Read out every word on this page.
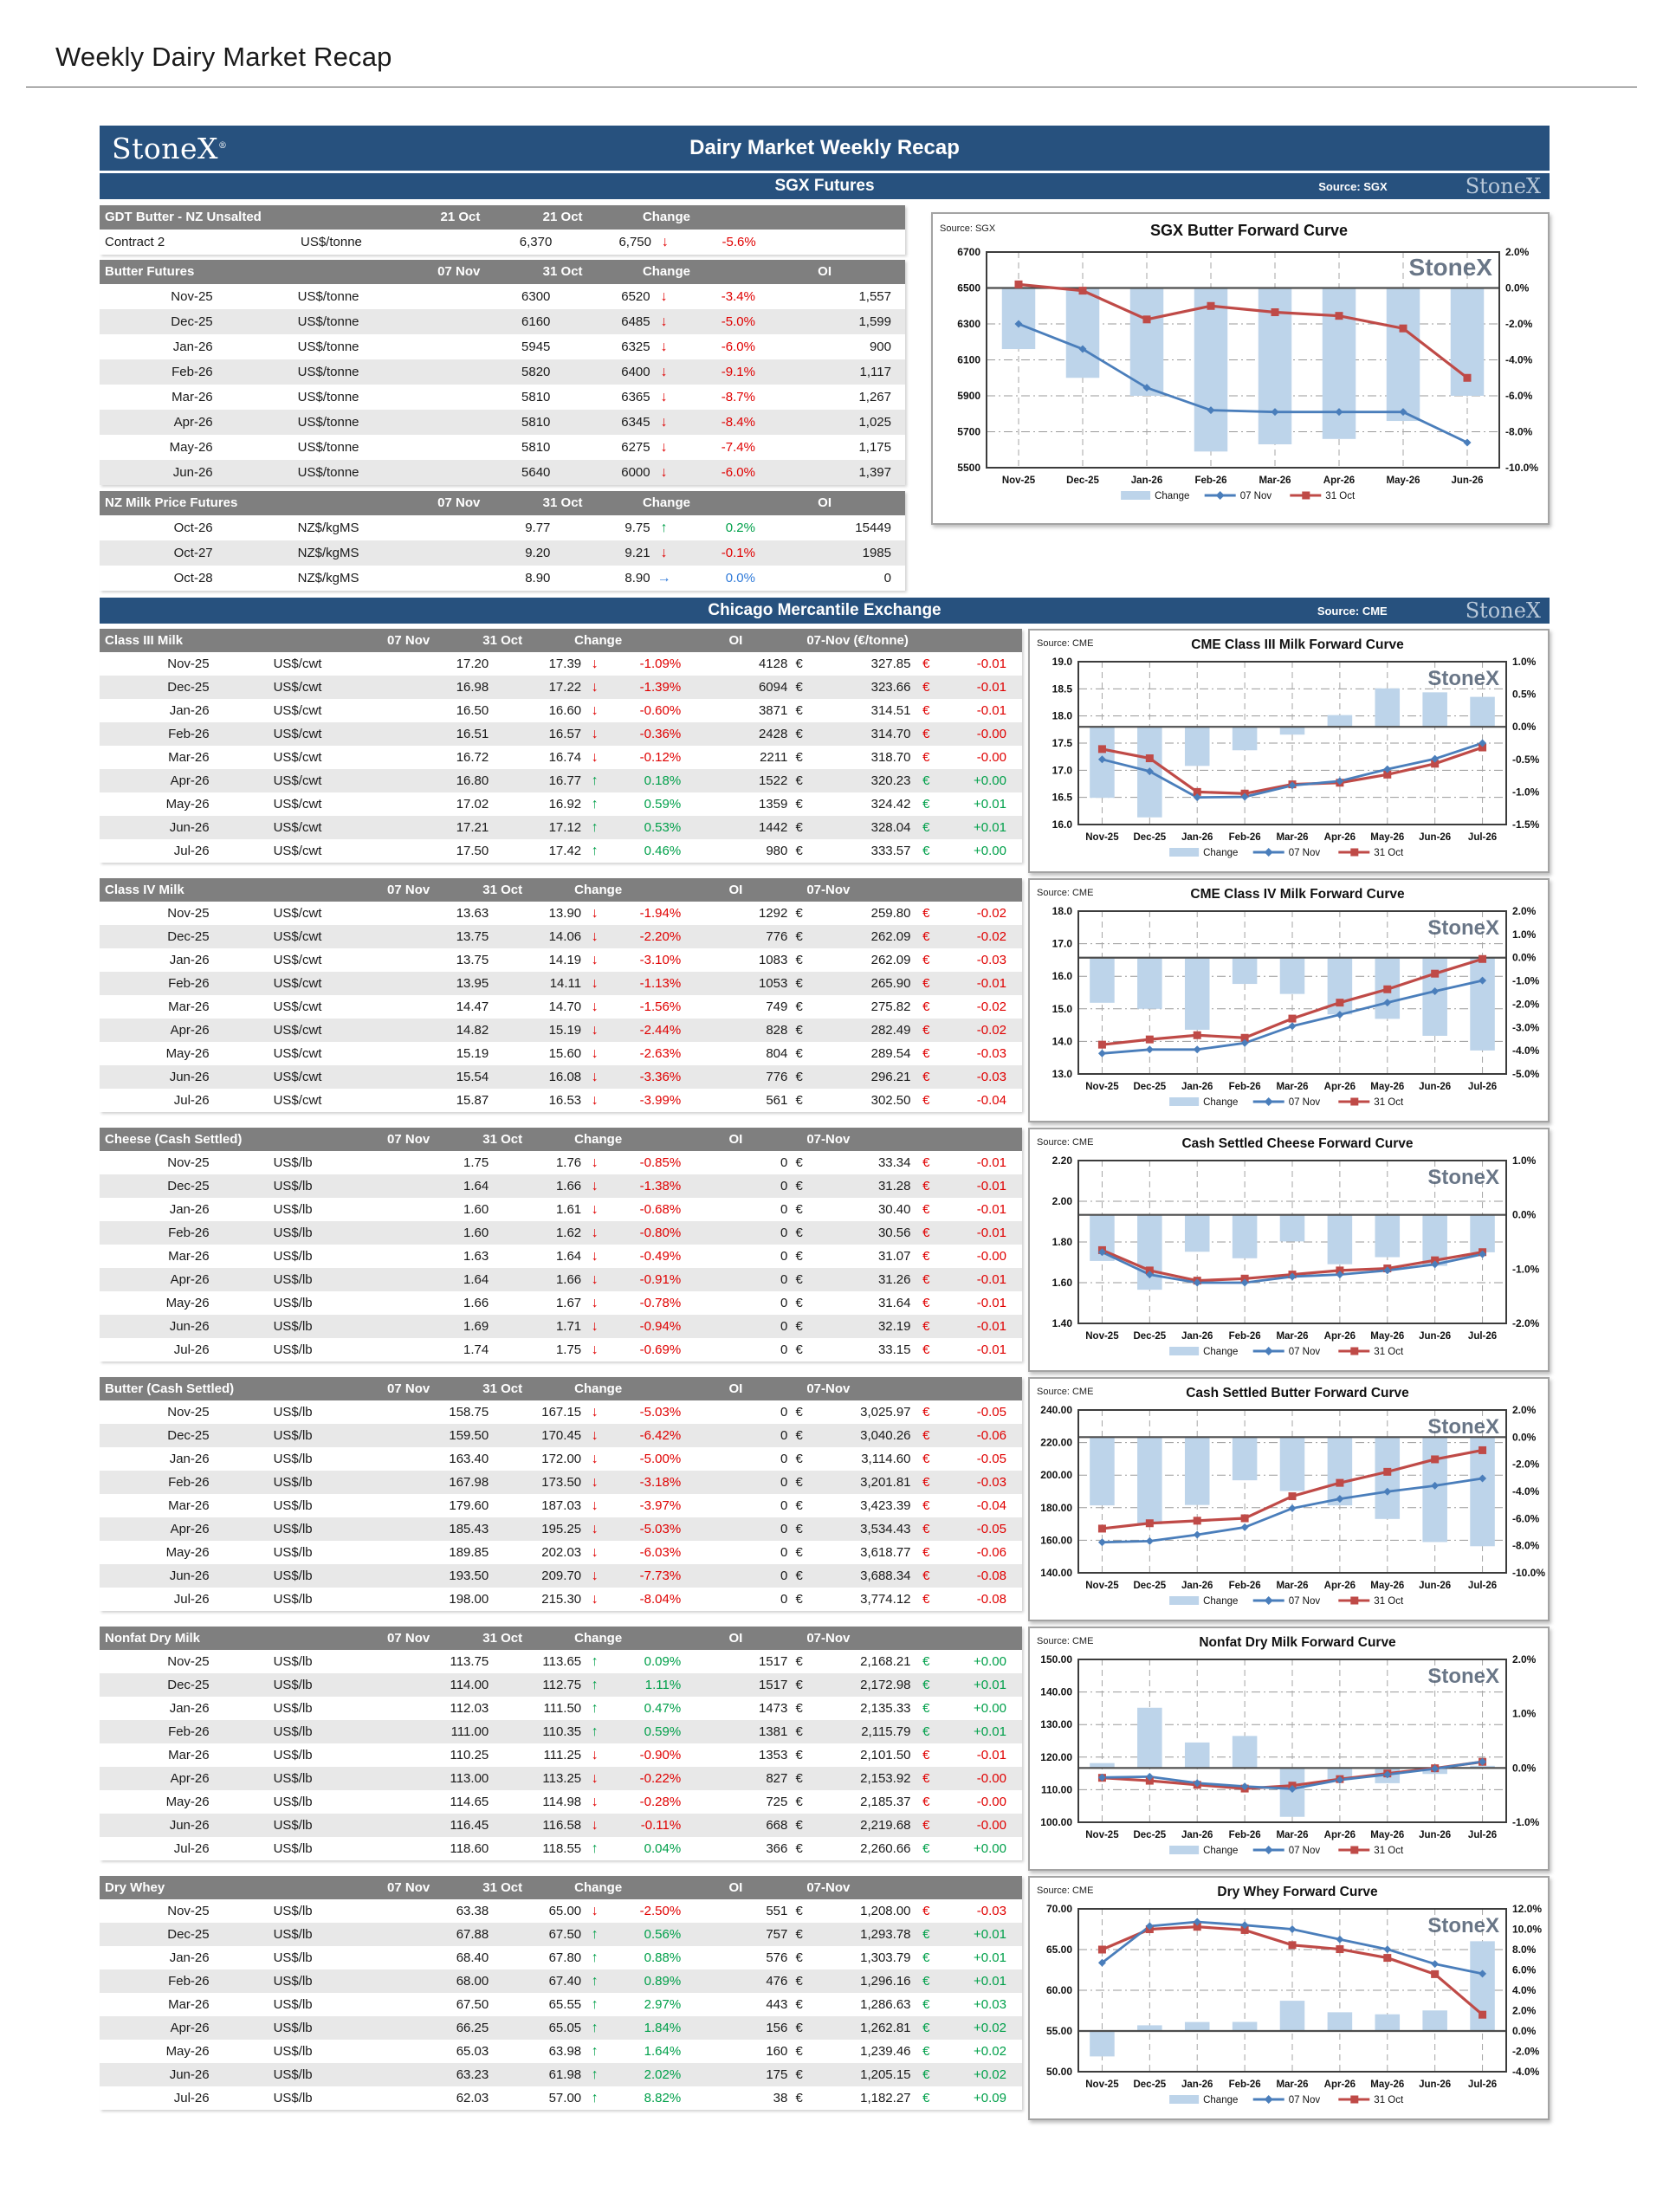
Weekly Dairy Market Recap
StoneX®	Dairy Market Weekly Recap
SGX Futures	Source: SGX	StoneX
GDT Butter - NZ Unsalted	21 Oct	21 Oct	Change
Contract 2	US$/tonne	6,370	6,750 ↓	-5.6%
Butter Futures	07 Nov	31 Oct	Change	OI
Nov-25	US$/tonne	6300	6520 ↓	-3.4%	1,557
Dec-25	US$/tonne	6160	6485 ↓	-5.0%	1,599
Jan-26	US$/tonne	5945	6325 ↓	-6.0%	900
Feb-26	US$/tonne	5820	6400 ↓	-9.1%	1,117
Mar-26	US$/tonne	5810	6365 ↓	-8.7%	1,267
Apr-26	US$/tonne	5810	6345 ↓	-8.4%	1,025
May-26	US$/tonne	5810	6275 ↓	-7.4%	1,175
Jun-26	US$/tonne	5640	6000 ↓	-6.0%	1,397
NZ Milk Price Futures	07 Nov	31 Oct	Change	OI
Oct-26	NZ$/kgMS	9.77	9.75 ↑	0.2%	15449
Oct-27	NZ$/kgMS	9.20	9.21 ↓	-0.1%	1985
Oct-28	NZ$/kgMS	8.90	8.90 →	0.0%	0
Source: SGX	SGX Butter Forward Curve
6700
6500
6300
6100
5900
5700
5500
2.0%
0.0%
-2.0%
-4.0%
-6.0%
-8.0%
-10.0%
Nov-25	Dec-25	Jan-26	Feb-26	Mar-26	Apr-26	May-26	Jun-26
StoneX
Change	07 Nov	31 Oct
Chicago Mercantile Exchange	Source: CME	StoneX
Class III Milk	07 Nov	31 Oct	Change	OI	07-Nov (€/tonne)
Nov-25	US$/cwt	17.20	17.39 ↓	-1.09%	4128 €	327.85 €	-0.01
Dec-25	US$/cwt	16.98	17.22 ↓	-1.39%	6094 €	323.66 €	-0.01
Jan-26	US$/cwt	16.50	16.60 ↓	-0.60%	3871 €	314.51 €	-0.01
Feb-26	US$/cwt	16.51	16.57 ↓	-0.36%	2428 €	314.70 €	-0.00
Mar-26	US$/cwt	16.72	16.74 ↓	-0.12%	2211 €	318.70 €	-0.00
Apr-26	US$/cwt	16.80	16.77 ↑	0.18%	1522 €	320.23 €	+0.00
May-26	US$/cwt	17.02	16.92 ↑	0.59%	1359 €	324.42 €	+0.01
Jun-26	US$/cwt	17.21	17.12 ↑	0.53%	1442 €	328.04 €	+0.01
Jul-26	US$/cwt	17.50	17.42 ↑	0.46%	980 €	333.57 €	+0.00
Source: CME	CME Class III Milk Forward Curve
19.0
18.5
18.0
17.5
17.0
16.5
16.0
1.0%
0.5%
0.0%
-0.5%
-1.0%
-1.5%
Nov-25 Dec-25 Jan-26 Feb-26 Mar-26 Apr-26 May-26 Jun-26 Jul-26
StoneX
Change	07 Nov	31 Oct
Class IV Milk	07 Nov	31 Oct	Change	OI	07-Nov
Nov-25	US$/cwt	13.63	13.90 ↓	-1.94%	1292 €	259.80 €	-0.02
Dec-25	US$/cwt	13.75	14.06 ↓	-2.20%	776 €	262.09 €	-0.02
Jan-26	US$/cwt	13.75	14.19 ↓	-3.10%	1083 €	262.09 €	-0.03
Feb-26	US$/cwt	13.95	14.11 ↓	-1.13%	1053 €	265.90 €	-0.01
Mar-26	US$/cwt	14.47	14.70 ↓	-1.56%	749 €	275.82 €	-0.02
Apr-26	US$/cwt	14.82	15.19 ↓	-2.44%	828 €	282.49 €	-0.02
May-26	US$/cwt	15.19	15.60 ↓	-2.63%	804 €	289.54 €	-0.03
Jun-26	US$/cwt	15.54	16.08 ↓	-3.36%	776 €	296.21 €	-0.03
Jul-26	US$/cwt	15.87	16.53 ↓	-3.99%	561 €	302.50 €	-0.04
Source: CME	CME Class IV Milk Forward Curve
18.0
17.0
16.0
15.0
14.0
13.0
2.0%
1.0%
0.0%
-1.0%
-2.0%
-3.0%
-4.0%
-5.0%
Nov-25 Dec-25 Jan-26 Feb-26 Mar-26 Apr-26 May-26 Jun-26 Jul-26
StoneX
Change	07 Nov	31 Oct
Cheese (Cash Settled)	07 Nov	31 Oct	Change	OI	07-Nov
Nov-25	US$/lb	1.75	1.76 ↓	-0.85%	0 €	33.34 €	-0.01
Dec-25	US$/lb	1.64	1.66 ↓	-1.38%	0 €	31.28 €	-0.01
Jan-26	US$/lb	1.60	1.61 ↓	-0.68%	0 €	30.40 €	-0.01
Feb-26	US$/lb	1.60	1.62 ↓	-0.80%	0 €	30.56 €	-0.01
Mar-26	US$/lb	1.63	1.64 ↓	-0.49%	0 €	31.07 €	-0.00
Apr-26	US$/lb	1.64	1.66 ↓	-0.91%	0 €	31.26 €	-0.01
May-26	US$/lb	1.66	1.67 ↓	-0.78%	0 €	31.64 €	-0.01
Jun-26	US$/lb	1.69	1.71 ↓	-0.94%	0 €	32.19 €	-0.01
Jul-26	US$/lb	1.74	1.75 ↓	-0.69%	0 €	33.15 €	-0.01
Source: CME	Cash Settled Cheese Forward Curve
2.20
2.00
1.80
1.60
1.40
1.0%
0.0%
-1.0%
-2.0%
Nov-25 Dec-25 Jan-26 Feb-26 Mar-26 Apr-26 May-26 Jun-26 Jul-26
StoneX
Change	07 Nov	31 Oct
Butter (Cash Settled)	07 Nov	31 Oct	Change	OI	07-Nov
Nov-25	US$/lb	158.75	167.15 ↓	-5.03%	0 €	3,025.97 €	-0.05
Dec-25	US$/lb	159.50	170.45 ↓	-6.42%	0 €	3,040.26 €	-0.06
Jan-26	US$/lb	163.40	172.00 ↓	-5.00%	0 €	3,114.60 €	-0.05
Feb-26	US$/lb	167.98	173.50 ↓	-3.18%	0 €	3,201.81 €	-0.03
Mar-26	US$/lb	179.60	187.03 ↓	-3.97%	0 €	3,423.39 €	-0.04
Apr-26	US$/lb	185.43	195.25 ↓	-5.03%	0 €	3,534.43 €	-0.05
May-26	US$/lb	189.85	202.03 ↓	-6.03%	0 €	3,618.77 €	-0.06
Jun-26	US$/lb	193.50	209.70 ↓	-7.73%	0 €	3,688.34 €	-0.08
Jul-26	US$/lb	198.00	215.30 ↓	-8.04%	0 €	3,774.12 €	-0.08
Source: CME	Cash Settled Butter Forward Curve
240.00
220.00
200.00
180.00
160.00
140.00
2.0%
0.0%
-2.0%
-4.0%
-6.0%
-8.0%
-10.0%
Nov-25 Dec-25 Jan-26 Feb-26 Mar-26 Apr-26 May-26 Jun-26 Jul-26
StoneX
Change	07 Nov	31 Oct
Nonfat Dry Milk	07 Nov	31 Oct	Change	OI	07-Nov
Nov-25	US$/lb	113.75	113.65 ↑	0.09%	1517 €	2,168.21 €	+0.00
Dec-25	US$/lb	114.00	112.75 ↑	1.11%	1517 €	2,172.98 €	+0.01
Jan-26	US$/lb	112.03	111.50 ↑	0.47%	1473 €	2,135.33 €	+0.00
Feb-26	US$/lb	111.00	110.35 ↑	0.59%	1381 €	2,115.79 €	+0.01
Mar-26	US$/lb	110.25	111.25 ↓	-0.90%	1353 €	2,101.50 €	-0.01
Apr-26	US$/lb	113.00	113.25 ↓	-0.22%	827 €	2,153.92 €	-0.00
May-26	US$/lb	114.65	114.98 ↓	-0.28%	725 €	2,185.37 €	-0.00
Jun-26	US$/lb	116.45	116.58 ↓	-0.11%	668 €	2,219.68 €	-0.00
Jul-26	US$/lb	118.60	118.55 ↑	0.04%	366 €	2,260.66 €	+0.00
Source: CME	Nonfat Dry Milk Forward Curve
150.00
140.00
130.00
120.00
110.00
100.00
2.0%
1.0%
0.0%
-1.0%
Nov-25 Dec-25 Jan-26 Feb-26 Mar-26 Apr-26 May-26 Jun-26 Jul-26
StoneX
Change	07 Nov	31 Oct
Dry Whey	07 Nov	31 Oct	Change	OI	07-Nov
Nov-25	US$/lb	63.38	65.00 ↓	-2.50%	551 €	1,208.00 €	-0.03
Dec-25	US$/lb	67.88	67.50 ↑	0.56%	757 €	1,293.78 €	+0.01
Jan-26	US$/lb	68.40	67.80 ↑	0.88%	576 €	1,303.79 €	+0.01
Feb-26	US$/lb	68.00	67.40 ↑	0.89%	476 €	1,296.16 €	+0.01
Mar-26	US$/lb	67.50	65.55 ↑	2.97%	443 €	1,286.63 €	+0.03
Apr-26	US$/lb	66.25	65.05 ↑	1.84%	156 €	1,262.81 €	+0.02
May-26	US$/lb	65.03	63.98 ↑	1.64%	160 €	1,239.46 €	+0.02
Jun-26	US$/lb	63.23	61.98 ↑	2.02%	175 €	1,205.15 €	+0.02
Jul-26	US$/lb	62.03	57.00 ↑	8.82%	38 €	1,182.27 €	+0.09
Source: CME	Dry Whey Forward Curve
70.00
65.00
60.00
55.00
50.00
12.0%
10.0%
8.0%
6.0%
4.0%
2.0%
0.0%
-2.0%
-4.0%
Nov-25 Dec-25 Jan-26 Feb-26 Mar-26 Apr-26 May-26 Jun-26 Jul-26
StoneX
Change	07 Nov	31 Oct
